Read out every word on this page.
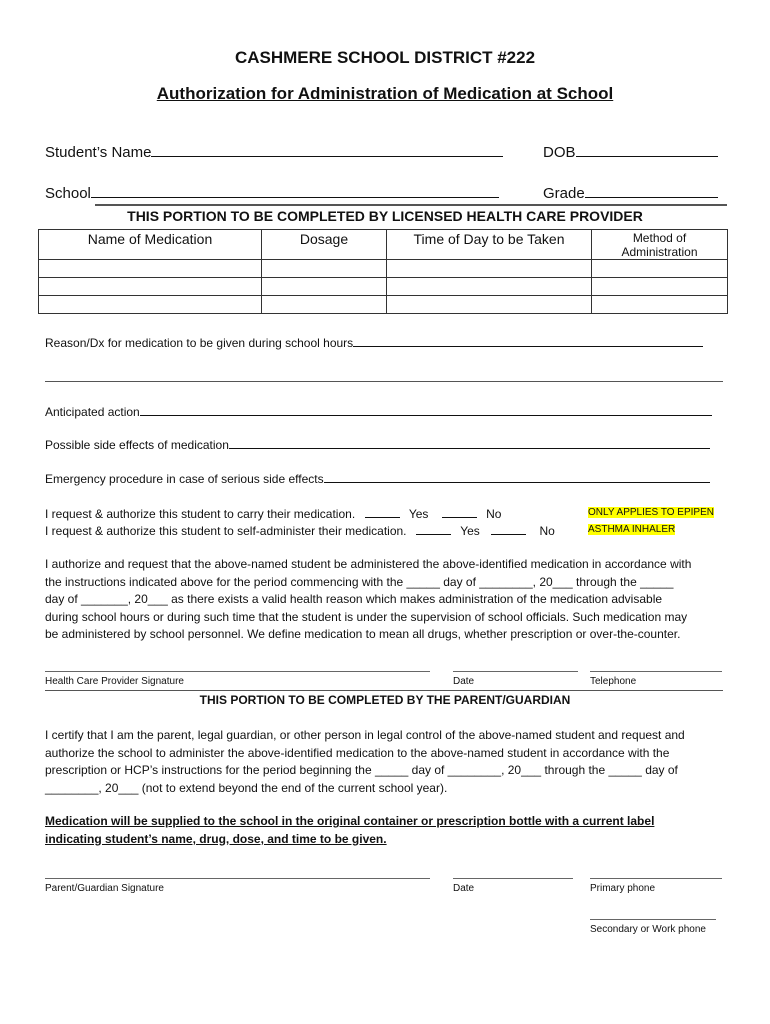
CASHMERE SCHOOL DISTRICT #222
Authorization for Administration of Medication at School
Student’s Name	DOB
School	Grade
THIS PORTION TO BE COMPLETED BY LICENSED HEALTH CARE PROVIDER
Name of Medication	Dosage	Time of Day to be Taken	Method of
Administration

Reason/Dx for medication to be given during school hours
Anticipated action
Possible side effects of medication
Emergency procedure in case of serious side effects
I request & authorize this student to carry their medication.	Yes	No	ONLY APPLIES TO EPIPEN
I request & authorize this student to self-administer their medication.	Yes	No	ASTHMA INHALER
I authorize and request that the above-named student be administered the above-identified medication in accordance with
the instructions indicated above for the period commencing with the _____ day of ________, 20___ through the _____
day of _______, 20___ as there exists a valid health reason which makes administration of the medication advisable
during school hours or during such time that the student is under the supervision of school officials. Such medication may
be administered by school personnel. We define medication to mean all drugs, whether prescription or over-the-counter.
Health Care Provider Signature	Date	Telephone
THIS PORTION TO BE COMPLETED BY THE PARENT/GUARDIAN
I certify that I am the parent, legal guardian, or other person in legal control of the above-named student and request and
authorize the school to administer the above-identified medication to the above-named student in accordance with the
prescription or HCP’s instructions for the period beginning the _____ day of ________, 20___ through the _____ day of
________, 20___ (not to extend beyond the end of the current school year).
Medication will be supplied to the school in the original container or prescription bottle with a current label
indicating student’s name, drug, dose, and time to be given.
Parent/Guardian Signature	Date	Primary phone
Secondary or Work phone
